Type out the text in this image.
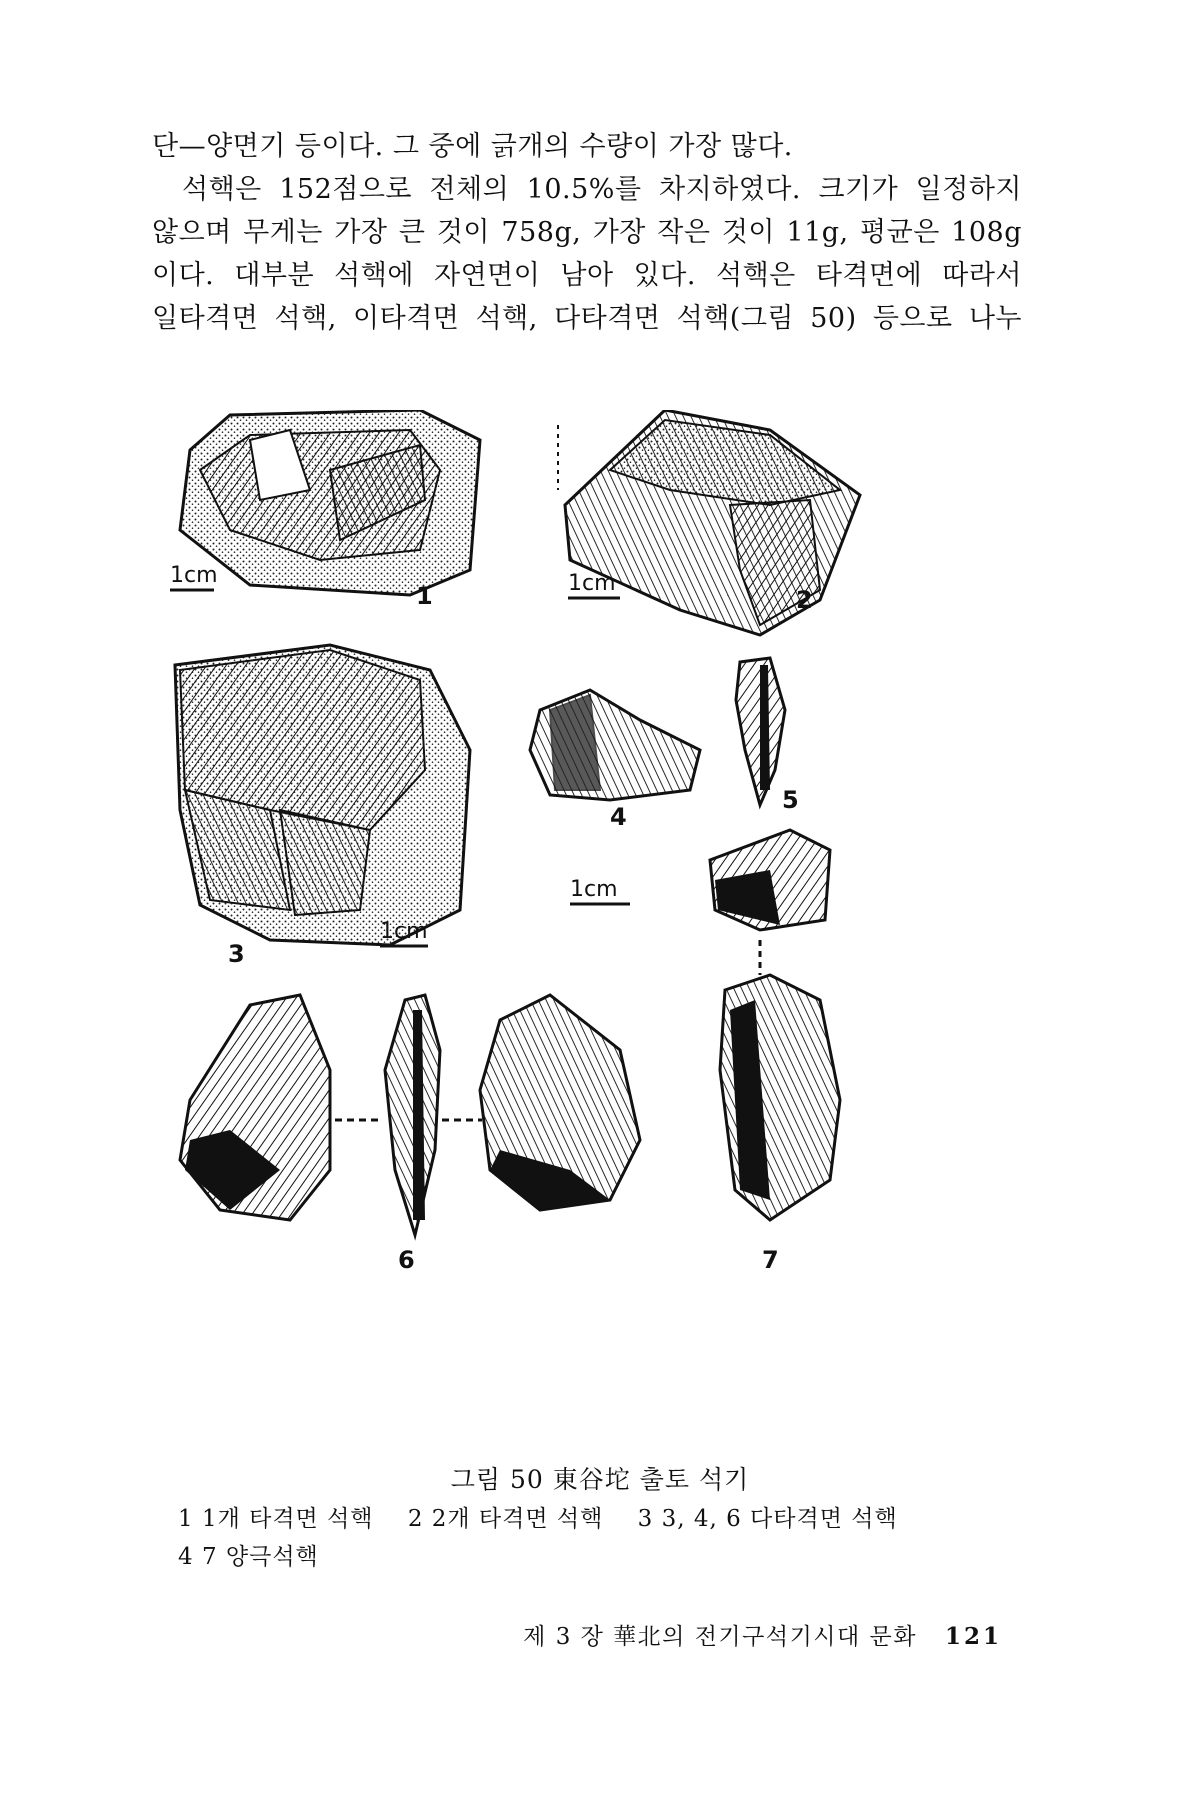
단—양면기 등이다. 그 중에 긁개의 수량이 가장 많다.
석핵은 152점으로 전체의 10.5%를 차지하였다. 크기가 일정하지
않으며 무게는 가장 큰 것이 758g, 가장 작은 것이 11g, 평균은 108g
이다. 대부분 석핵에 자연면이 남아 있다. 석핵은 타격면에 따라서
일타격면 석핵, 이타격면 석핵, 다타격면 석핵(그림 50) 등으로 나누
1cm
1	1cm
2
3
1cm
4
5
1cm
6	7
그림 50 東谷坨 출토 석기
1 1개 타격면 석핵 2 2개 타격면 석핵 3 3, 4, 6 다타격면 석핵
4 7 양극석핵
제 3 장 華北의 전기구석기시대 문화 121
